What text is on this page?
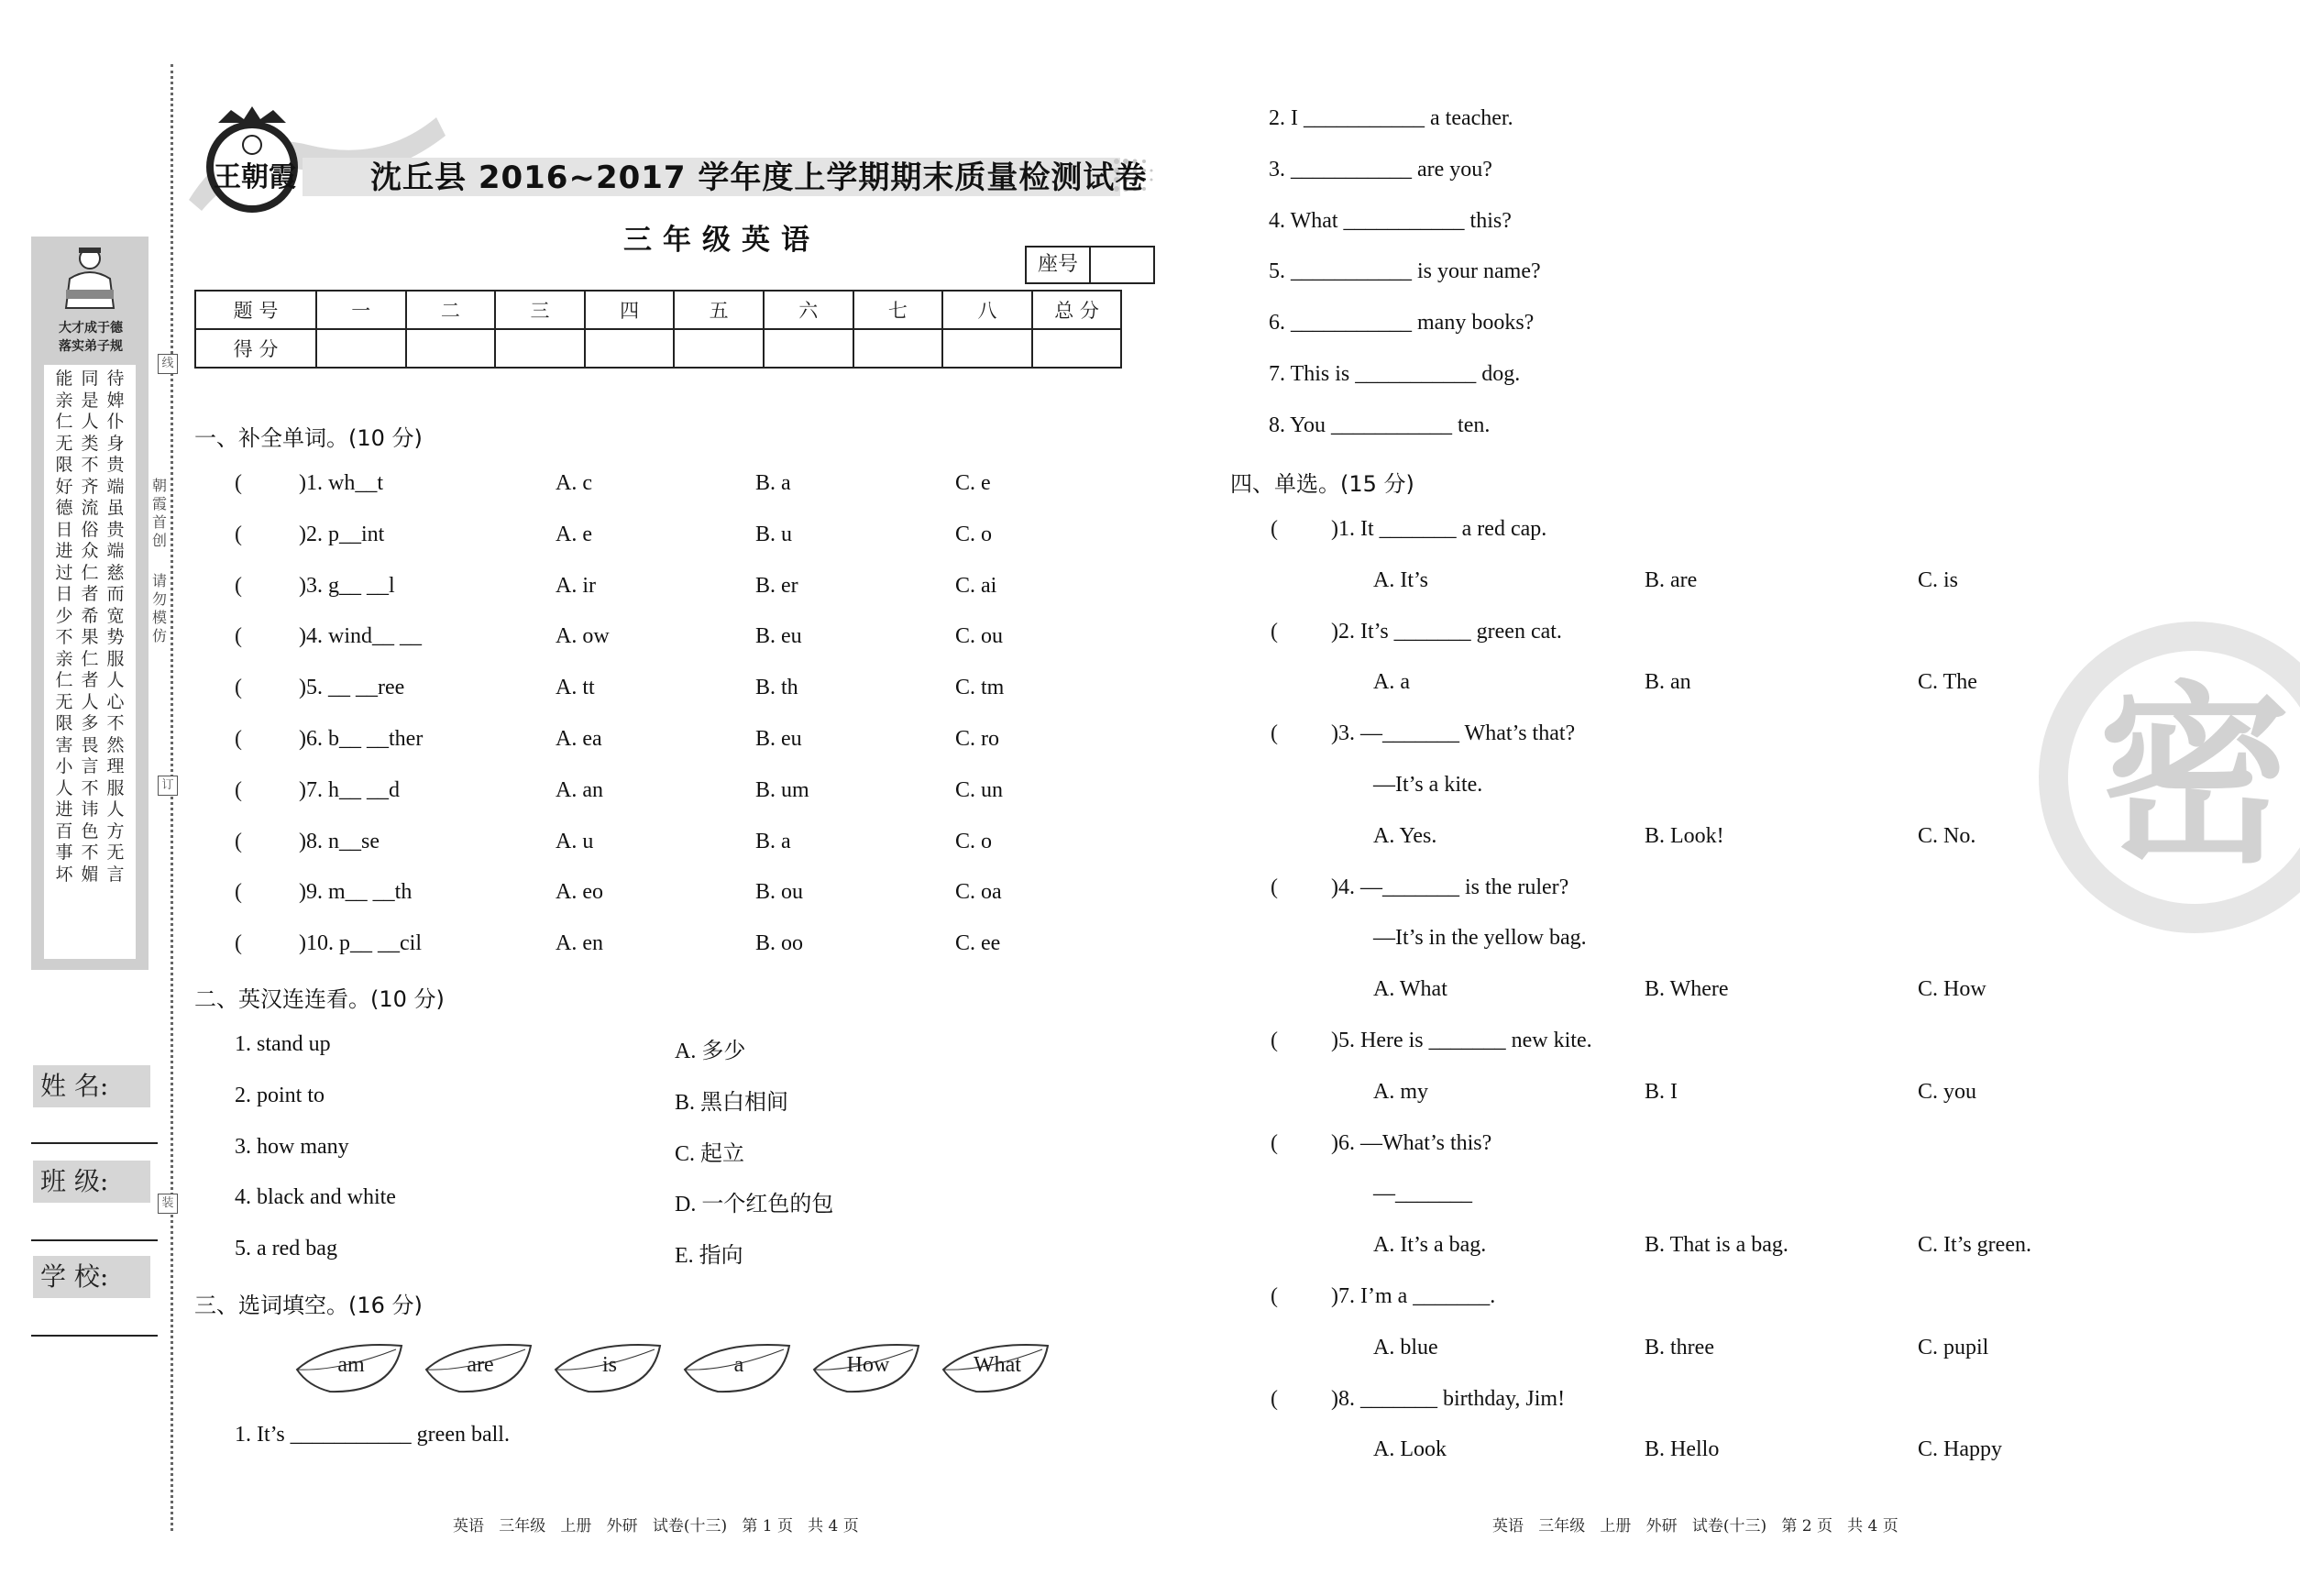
大才成于德
落实弟子规
能亲仁 无限好 德日进 过日少 不亲仁 无限害 小人进 百事坏
同是人 类不齐 流俗众 仁者希 果仁者 人多畏 言不讳 色不媚
待婢仆 身贵端 虽贵端 慈而宽 势服人 心不然 理服人 方无言
朝霞首创
请勿模仿
线
订
装
姓 名:
班 级:
学 校:
王朝霞 沈丘县 2016~2017 学年度上学期期末质量检测试卷
三年级英语
座号
题 号	一	二	三	四	五	六	七	八	总 分
得 分									
一、补全单词。(10 分)
(	)1. wh__t	A. c	B. a	C. e
(	)2. p__int	A. e	B. u	C. o
(	)3. g__ __l	A. ir	B. er	C. ai
(	)4. wind__ __	A. ow	B. eu	C. ou
(	)5. __ __ree	A. tt	B. th	C. tm
(	)6. b__ __ther	A. ea	B. eu	C. ro
(	)7. h__ __d	A. an	B. um	C. un
(	)8. n__se	A. u	B. a	C. o
(	)9. m__ __th	A. eo	B. ou	C. oa
(	)10. p__ __cil	A. en	B. oo	C. ee
二、英汉连连看。(10 分)
1. stand up	A. 多少
2. point to	B. 黑白相间
3. how many	C. 起立
4. black and white	D. 一个红色的包
5. a red bag	E. 指向
三、选词填空。(16 分)
am	are	is	a	How	What
1. It’s ___________ green ball.
2. I ___________ a teacher.
3. ___________ are you?
4. What ___________ this?
5. ___________ is your name?
6. ___________ many books?
7. This is ___________ dog.
8. You ___________ ten.
四、单选。(15 分)
( )1. It _______ a red cap.
A. It’s	B. are	C. is
( )2. It’s _______ green cat.
A. a	B. an	C. The
( )3. —_______ What’s that?
—It’s a kite.
A. Yes.	B. Look!	C. No.
( )4. —_______ is the ruler?
—It’s in the yellow bag.
A. What	B. Where	C. How
( )5. Here is _______ new kite.
A. my	B. I	C. you
( )6. —What’s this?
—_______
A. It’s a bag.	B. That is a bag.	C. It’s green.
( )7. I’m a _______.
A. blue	B. three	C. pupil
( )8. _______ birthday, Jim!
A. Look	B. Hello	C. Happy
密
英语   三年级   上册   外研   试卷(十三)   第 1 页   共 4 页	英语   三年级   上册   外研   试卷(十三)   第 2 页   共 4 页
